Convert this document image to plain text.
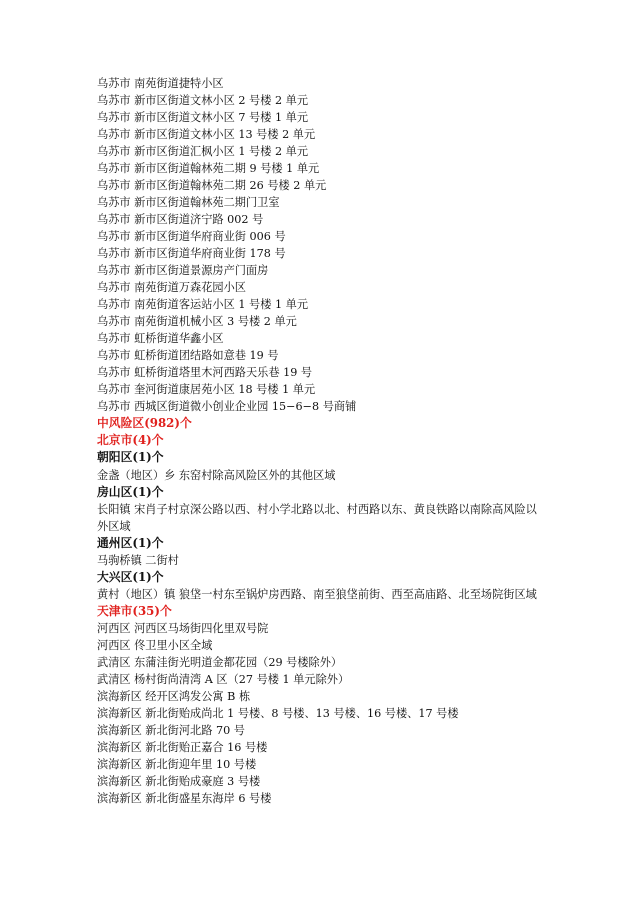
乌苏市 南苑街道捷特小区

乌苏市 新市区街道文林小区 2 号楼 2 单元

乌苏市 新市区街道文林小区 7 号楼 1 单元

乌苏市 新市区街道文林小区 13 号楼 2 单元

乌苏市 新市区街道汇枫小区 1 号楼 2 单元

乌苏市 新市区街道翰林苑二期 9 号楼 1 单元

乌苏市 新市区街道翰林苑二期 26 号楼 2 单元

乌苏市 新市区街道翰林苑二期门卫室

乌苏市 新市区街道济宁路 002 号

乌苏市 新市区街道华府商业街 006 号

乌苏市 新市区街道华府商业街 178 号

乌苏市 新市区街道景源房产门面房

乌苏市 南苑街道万森花园小区

乌苏市 南苑街道客运站小区 1 号楼 1 单元

乌苏市 南苑街道机械小区 3 号楼 2 单元

乌苏市 虹桥街道华鑫小区

乌苏市 虹桥街道团结路如意巷 19 号

乌苏市 虹桥街道塔里木河西路天乐巷 19 号

乌苏市 奎河街道康居苑小区 18 号楼 1 单元

乌苏市 西城区街道微小创业企业园 15−6−8 号商铺

中风险区(982)个

北京市(4)个

朝阳区(1)个

金盏（地区）乡 东窑村除高风险区外的其他区域

房山区(1)个

长阳镇 宋肖子村京深公路以西、村小学北路以北、村西路以东、黄良铁路以南除高风险以外区域

通州区(1)个

马驹桥镇 二街村

大兴区(1)个

黄村（地区）镇 狼垡一村东至锅炉房西路、南至狼垡前街、西至高庙路、北至场院街区域

天津市(35)个

河西区 河西区马场街四化里双号院

河西区 佟卫里小区全域

武清区 东蒲洼街光明道金都花园（29 号楼除外）

武清区 杨村街尚清湾 A 区（27 号楼 1 单元除外）

滨海新区 经开区鸿发公寓 B 栋

滨海新区 新北街贻成尚北 1 号楼、8 号楼、13 号楼、16 号楼、17 号楼

滨海新区 新北街河北路 70 号

滨海新区 新北街贻正嘉合 16 号楼

滨海新区 新北街迎年里 10 号楼

滨海新区 新北街贻成豪庭 3 号楼

滨海新区 新北街盛星东海岸 6 号楼
